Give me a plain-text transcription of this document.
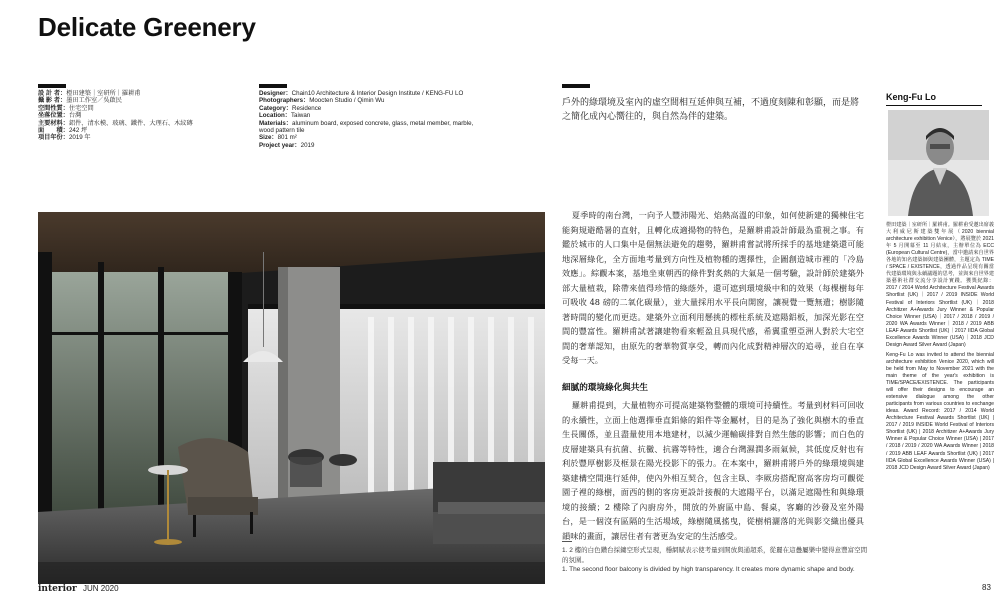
Delicate Greenery
設 計 者：橙田建築｜室研所｜羅耕甫
攝 影 者：墨田工作室／吳啟民
空間性質：住宅空間
坐落位置：台灣
主要材料：鋁件、清水模、玻璃、鐵件、大理石、木紋磚
面　　積：242 坪
項目年份：2019 年
Designer：Chain10 Architecture & Interior Design Institute / KENG-FU LO
Photographers：Moocten Studio / Qimin Wu
Category：Residence
Location：Taiwan
Materials：aluminum board, exposed concrete, glass, metal member, marble, wood pattern tile
Size：801 m²
Project year：2019
戶外的綠環境及室內的虛空間相互延伸與互補，不過度刻陳和彰顯，而是將之簡化成內心嚮往的，與自然為伴的建築。

夏季時的南台灣，一向予人豐沛陽光、焰熱高溫的印象，如何使新建的獨棟住宅能夠規避酷暑的直射，且轉化成適揚物的特色，是羅耕甫設計師最為重視之事。有鑑於城市的人口集中是個無法避免的趨勢，羅耕甫嘗試將所採手的基地建築還可能地深層綠化，全方面地考量到方向性及植物種的選擇性，企圖創造城市裡的「冷島效應」。綜觀本案，基地坐東朝西的條件對炙熱的大氣是一個考驗，設計師於建築外部大量植栽，除帶來值得珍惜的綠蔭外，還可遮到環境級中和的效果（每棵樹每年可吸收 48 磅的二氧化碳量），並大量採用水平長向開窗，讓視覺一覽無遺；樹影隨著時間的變化而更迭。建築外立面利用懸挑的標柱系統及遮陽鋁板，加深光影在空間的豐富性。羅耕甫試著讓建物看來輕盈且具現代感，希翼重塑亞洲人對於大宅空間的奢華認知，由原先的奢華物質享受，轉而內化成對精神層次的追尋，並自在享受每一天。

細膩的環境綠化與共生

羅耕甫提到，大量植物亦可提高建築物整體的環境可持續性。考量到材料可回收的永續性，立面上他選擇垂直鋁條的鋁件等金屬材，目的是為了強化與樹木的垂直生長關係，並且盡量使用本地建材，以減少運輸碳排對自然生態的影響；而白色的皮層建築具有抗菌、抗黴、抗霧等特性，適合台灣濕潤多雨氣候，其低度反射也有利於豐厚樹影及框景在陽光投影下的張力。在本案中，羅耕甫將戶外的綠環境與建築建構空間進行延伸，使內外相互契合，包含主臥、李厥房搭配窗高客房均可觀從園子裡的綠樹，面西的側的客房更設計接靚的大遮陽平台，以滿足遮陽性和與綠環境的接續；2 樓除了內廚房外，開放的外廚區中島、餐桌，客廳的沙發及室外陽台，是一個沒有區隔的生活場域，綠樹隨風搖曳，從樹梢灑落的光與影交織出優具韻味的畫面，讓居住者有著更為安定的生活感受。

1. 2 樓的白色鑽台採鏤空形式呈現，穩網賦表示使考量到開放與通超系，從麗在這疊屬樂中變得意豐富空間的氛圍。
1. The second floor balcony is divided by high transparency. It creates more dynamic shape and body.
interior JUN 2020	83
Keng-Fu Lo
橙田建築｜室研所｜羅耕甫。羅耕甫受邀出席義大利威尼斯建築雙年展（2020 biennial architecture exhibition Venice），將展覽於 2021 年 5 月開幕至 11 月結束，主辦單位為 ECC (European Cultural Centre)，當中邀請來自世界各地的知名建築師與建築團體，主題定為 TIME / SPACE / EXISTENCE，透過作品呈現有關當代建築環境與永續議題的思考，並與來自世界建築藝術社群交流分享設計實踐。獲獎紀錄：2017 / 2014 World Architecture Festival Awards Shortlist (UK)｜2017 / 2019 INSIDE World Festival of Interiors Shortlist (UK)｜2018 Architizer A+Awards Jury Winner & Popular Choice Winner (USA)｜2017 / 2018 / 2019 / 2020 WA Awards Winner｜2018 / 2019 ABB LEAF Awards Shortlist (UK)｜2017 IIDA Global Excellence Awards Winner (USA)｜2018 JCD Design Award Silver Award (Japan)
Keng-Fu Lo was invited to attend the biennial architecture exhibition Venice 2020, which will be held from May to November 2021 with the main theme of the year's exhibition is TIME/SPACE/EXISTENCE. The participants will offer their designs to encourage an extensive dialogue among the other participants from various countries to exchange ideas. Award Record: 2017 / 2014 World Architecture Festival Awards Shortlist (UK) | 2017 / 2019 INSIDE World Festival of Interiors Shortlist (UK) | 2018 Architizer A+Awards Jury Winner & Popular Choice Winner (USA) | 2017 / 2018 / 2019 / 2020 WA Awards Winner | 2018 / 2019 ABB LEAF Awards Shortlist (UK) | 2017 IIDA Global Excellence Awards Winner (USA) | 2018 JCD Design Award Silver Award (Japan)
